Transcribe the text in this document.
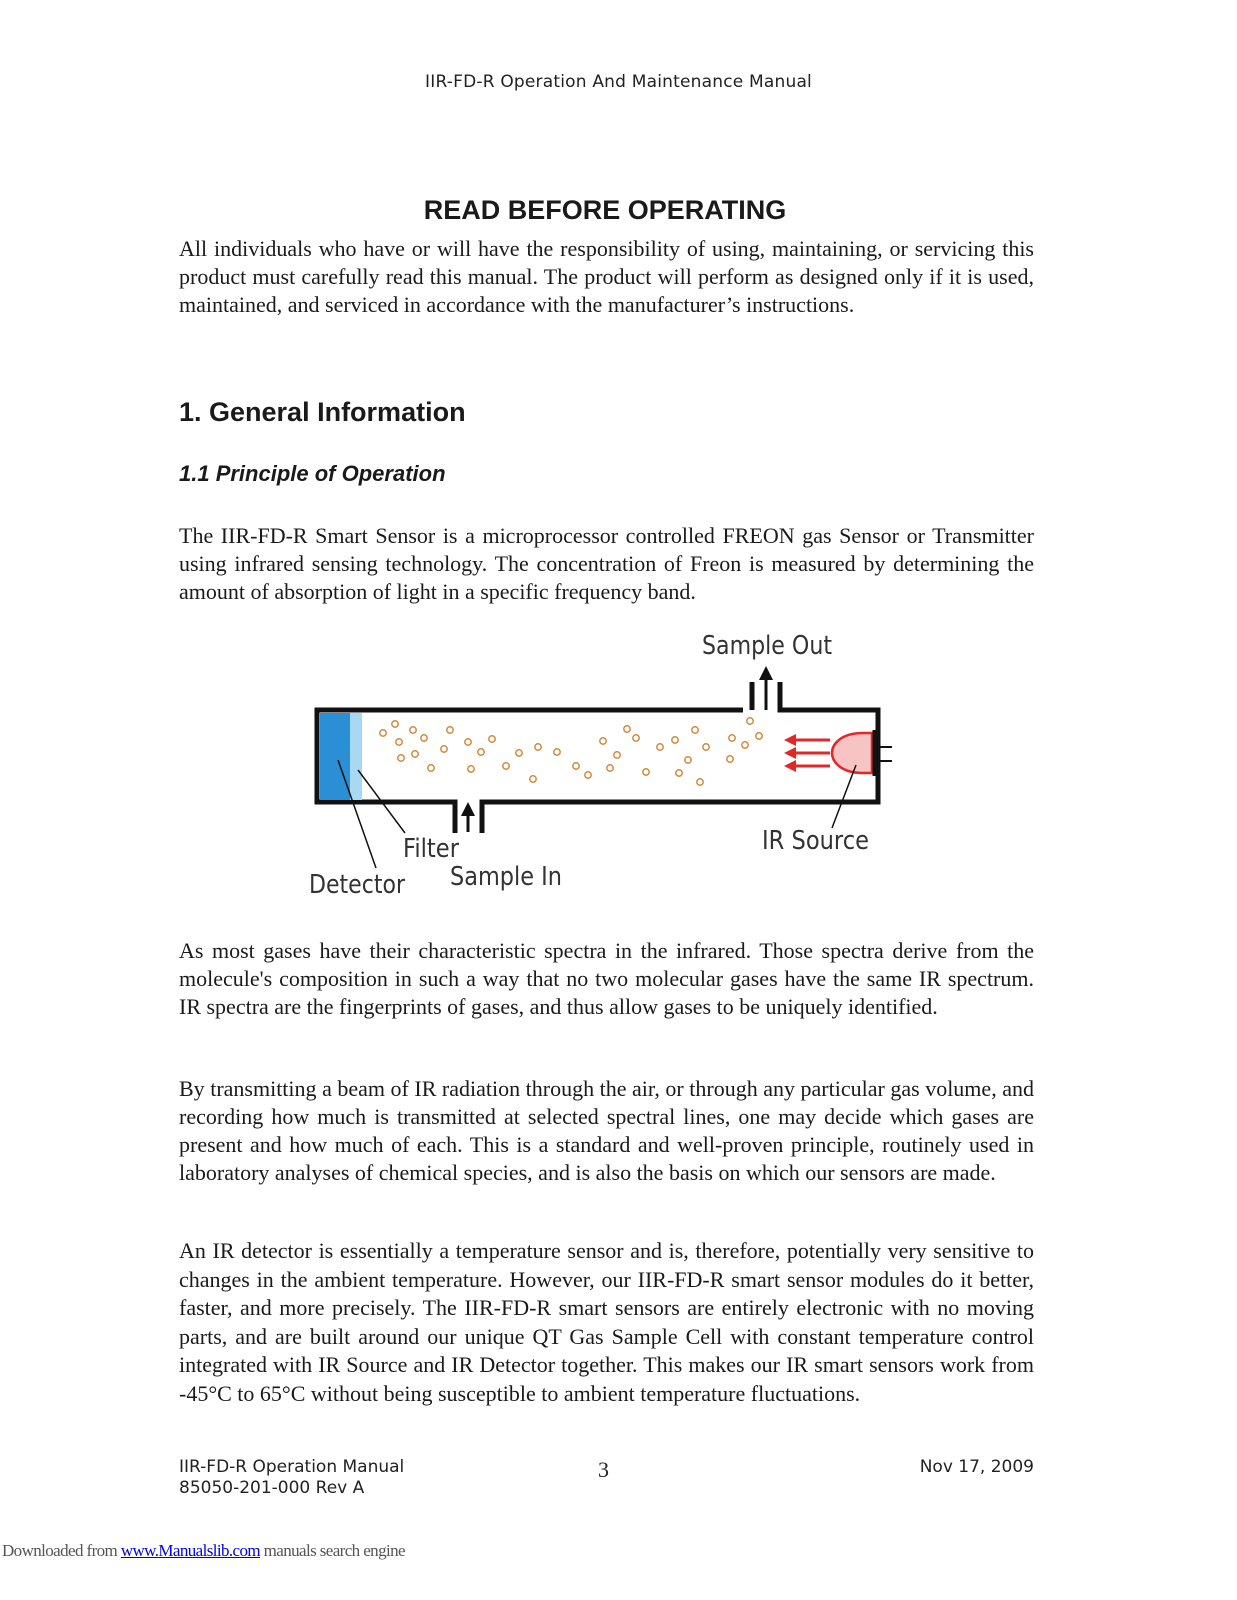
IIR-FD-R Operation And Maintenance Manual
READ BEFORE OPERATING
All individuals who have or will have the responsibility of using, maintaining, or servicing this product must carefully read this manual. The product will perform as designed only if it is used, maintained, and serviced in accordance with the manufacturer’s instructions.
1. General Information
1.1 Principle of Operation
The IIR-FD-R Smart Sensor is a microprocessor controlled FREON gas Sensor or Transmitter using infrared sensing technology. The concentration of Freon is measured by determining the amount of absorption of light in a specific frequency band.
Sample Out
Filter
Detector Sample In
IR Source
As most gases have their characteristic spectra in the infrared. Those spectra derive from the molecule's composition in such a way that no two molecular gases have the same IR spectrum. IR spectra are the fingerprints of gases, and thus allow gases to be uniquely identified.
By transmitting a beam of IR radiation through the air, or through any particular gas volume, and recording how much is transmitted at selected spectral lines, one may decide which gases are present and how much of each. This is a standard and well-proven principle, routinely used in laboratory analyses of chemical species, and is also the basis on which our sensors are made.
An IR detector is essentially a temperature sensor and is, therefore, potentially very sensitive to changes in the ambient temperature. However, our IIR-FD-R smart sensor modules do it better, faster, and more precisely. The IIR-FD-R smart sensors are entirely electronic with no moving parts, and are built around our unique QT Gas Sample Cell with constant temperature control integrated with IR Source and IR Detector together. This makes our IR smart sensors work from -45°C to 65°C without being susceptible to ambient temperature fluctuations.
IIR-FD-R Operation Manual
85050-201-000 Rev A
3	Nov 17, 2009
Downloaded from www.Manualslib.com manuals search engine
